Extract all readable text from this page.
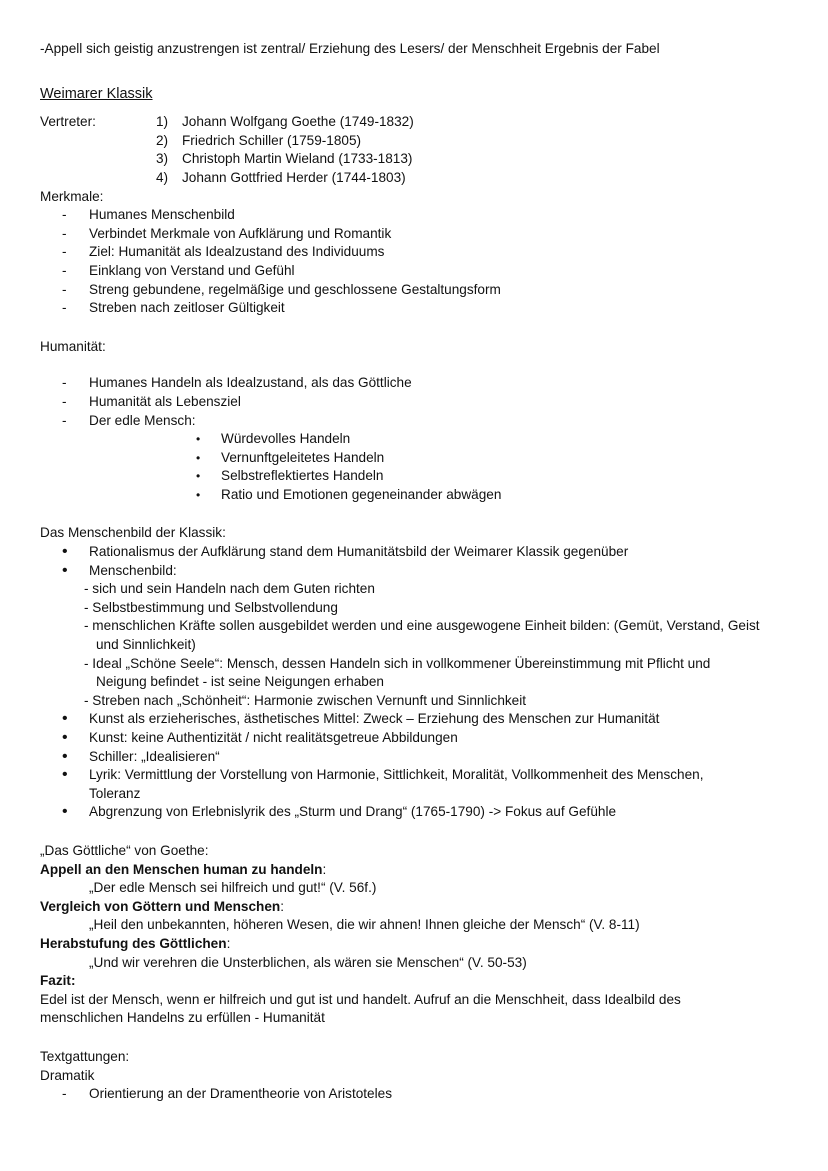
-Appell sich geistig anzustrengen ist zentral/ Erziehung des Lesers/ der Menschheit Ergebnis der Fabel

Weimarer Klassik

Vertreter:	1) Johann Wolfgang Goethe (1749-1832)
2) Friedrich Schiller (1759-1805)
3) Christoph Martin Wieland (1733-1813)
4) Johann Gottfried Herder (1744-1803)

Merkmale:

- Humanes Menschenbild
- Verbindet Merkmale von Aufklärung und Romantik
- Ziel: Humanität als Idealzustand des Individuums
- Einklang von Verstand und Gefühl
- Streng gebundene, regelmäßige und geschlossene Gestaltungsform
- Streben nach zeitloser Gültigkeit

Humanität:

- Humanes Handeln als Idealzustand, als das Göttliche
- Humanität als Lebensziel
- Der edle Mensch:
• Würdevolles Handeln
• Vernunftgeleitetes Handeln
• Selbstreflektiertes Handeln
• Ratio und Emotionen gegeneinander abwägen

Das Menschenbild der Klassik:

• Rationalismus der Aufklärung stand dem Humanitätsbild der Weimarer Klassik gegenüber
• Menschenbild:

- sich und sein Handeln nach dem Guten richten

- Selbstbestimmung und Selbstvollendung

- menschlichen Kräfte sollen ausgebildet werden und eine ausgewogene Einheit bilden: (Gemüt, Verstand, Geist

und Sinnlichkeit)

- Ideal „Schöne Seele“: Mensch, dessen Handeln sich in vollkommener Übereinstimmung mit Pflicht und

Neigung befindet - ist seine Neigungen erhaben

- Streben nach „Schönheit“: Harmonie zwischen Vernunft und Sinnlichkeit

• Kunst als erzieherisches, ästhetisches Mittel: Zweck – Erziehung des Menschen zur Humanität
• Kunst: keine Authentizität / nicht realitätsgetreue Abbildungen
• Schiller: „Idealisieren“
• Lyrik: Vermittlung der Vorstellung von Harmonie, Sittlichkeit, Moralität, Vollkommenheit des Menschen,
Toleranz
• Abgrenzung von Erlebnislyrik des „Sturm und Drang“ (1765-1790) -> Fokus auf Gefühle

„Das Göttliche“ von Goethe:

Appell an den Menschen human zu handeln:

„Der edle Mensch sei hilfreich und gut!“ (V. 56f.)

Vergleich von Göttern und Menschen:

„Heil den unbekannten, höheren Wesen, die wir ahnen! Ihnen gleiche der Mensch“ (V. 8-11)

Herabstufung des Göttlichen:

„Und wir verehren die Unsterblichen, als wären sie Menschen“ (V. 50-53)

Fazit:

Edel ist der Mensch, wenn er hilfreich und gut ist und handelt. Aufruf an die Menschheit, dass Idealbild des

menschlichen Handelns zu erfüllen - Humanität

Textgattungen:

Dramatik

- Orientierung an der Dramentheorie von Aristoteles
